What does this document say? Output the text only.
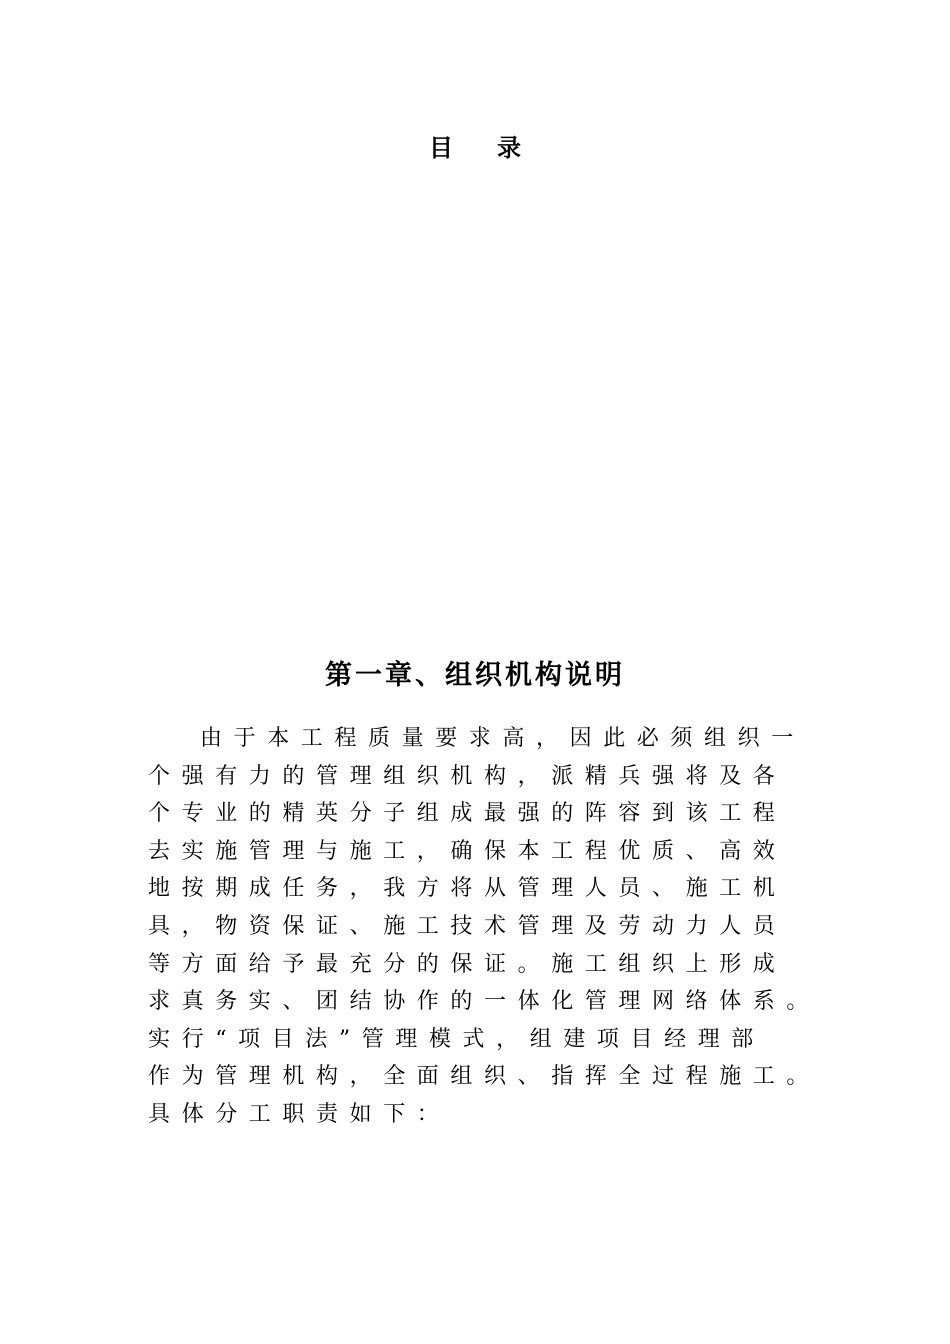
目 录
第一章、组织机构说明
由于本工程质量要求高，因此必须组织一
个强有力的管理组织机构，派精兵强将及各
个专业的精英分子组成最强的阵容到该工程
去实施管理与施工，确保本工程优质、高效
地按期成任务，我方将从管理人员、施工机
具，物资保证、施工技术管理及劳动力人员
等方面给予最充分的保证。施工组织上形成
求真务实、团结协作的一体化管理网络体系。
实行“项目法”管理模式，组建项目经理部
作为管理机构，全面组织、指挥全过程施工。
具体分工职责如下：
